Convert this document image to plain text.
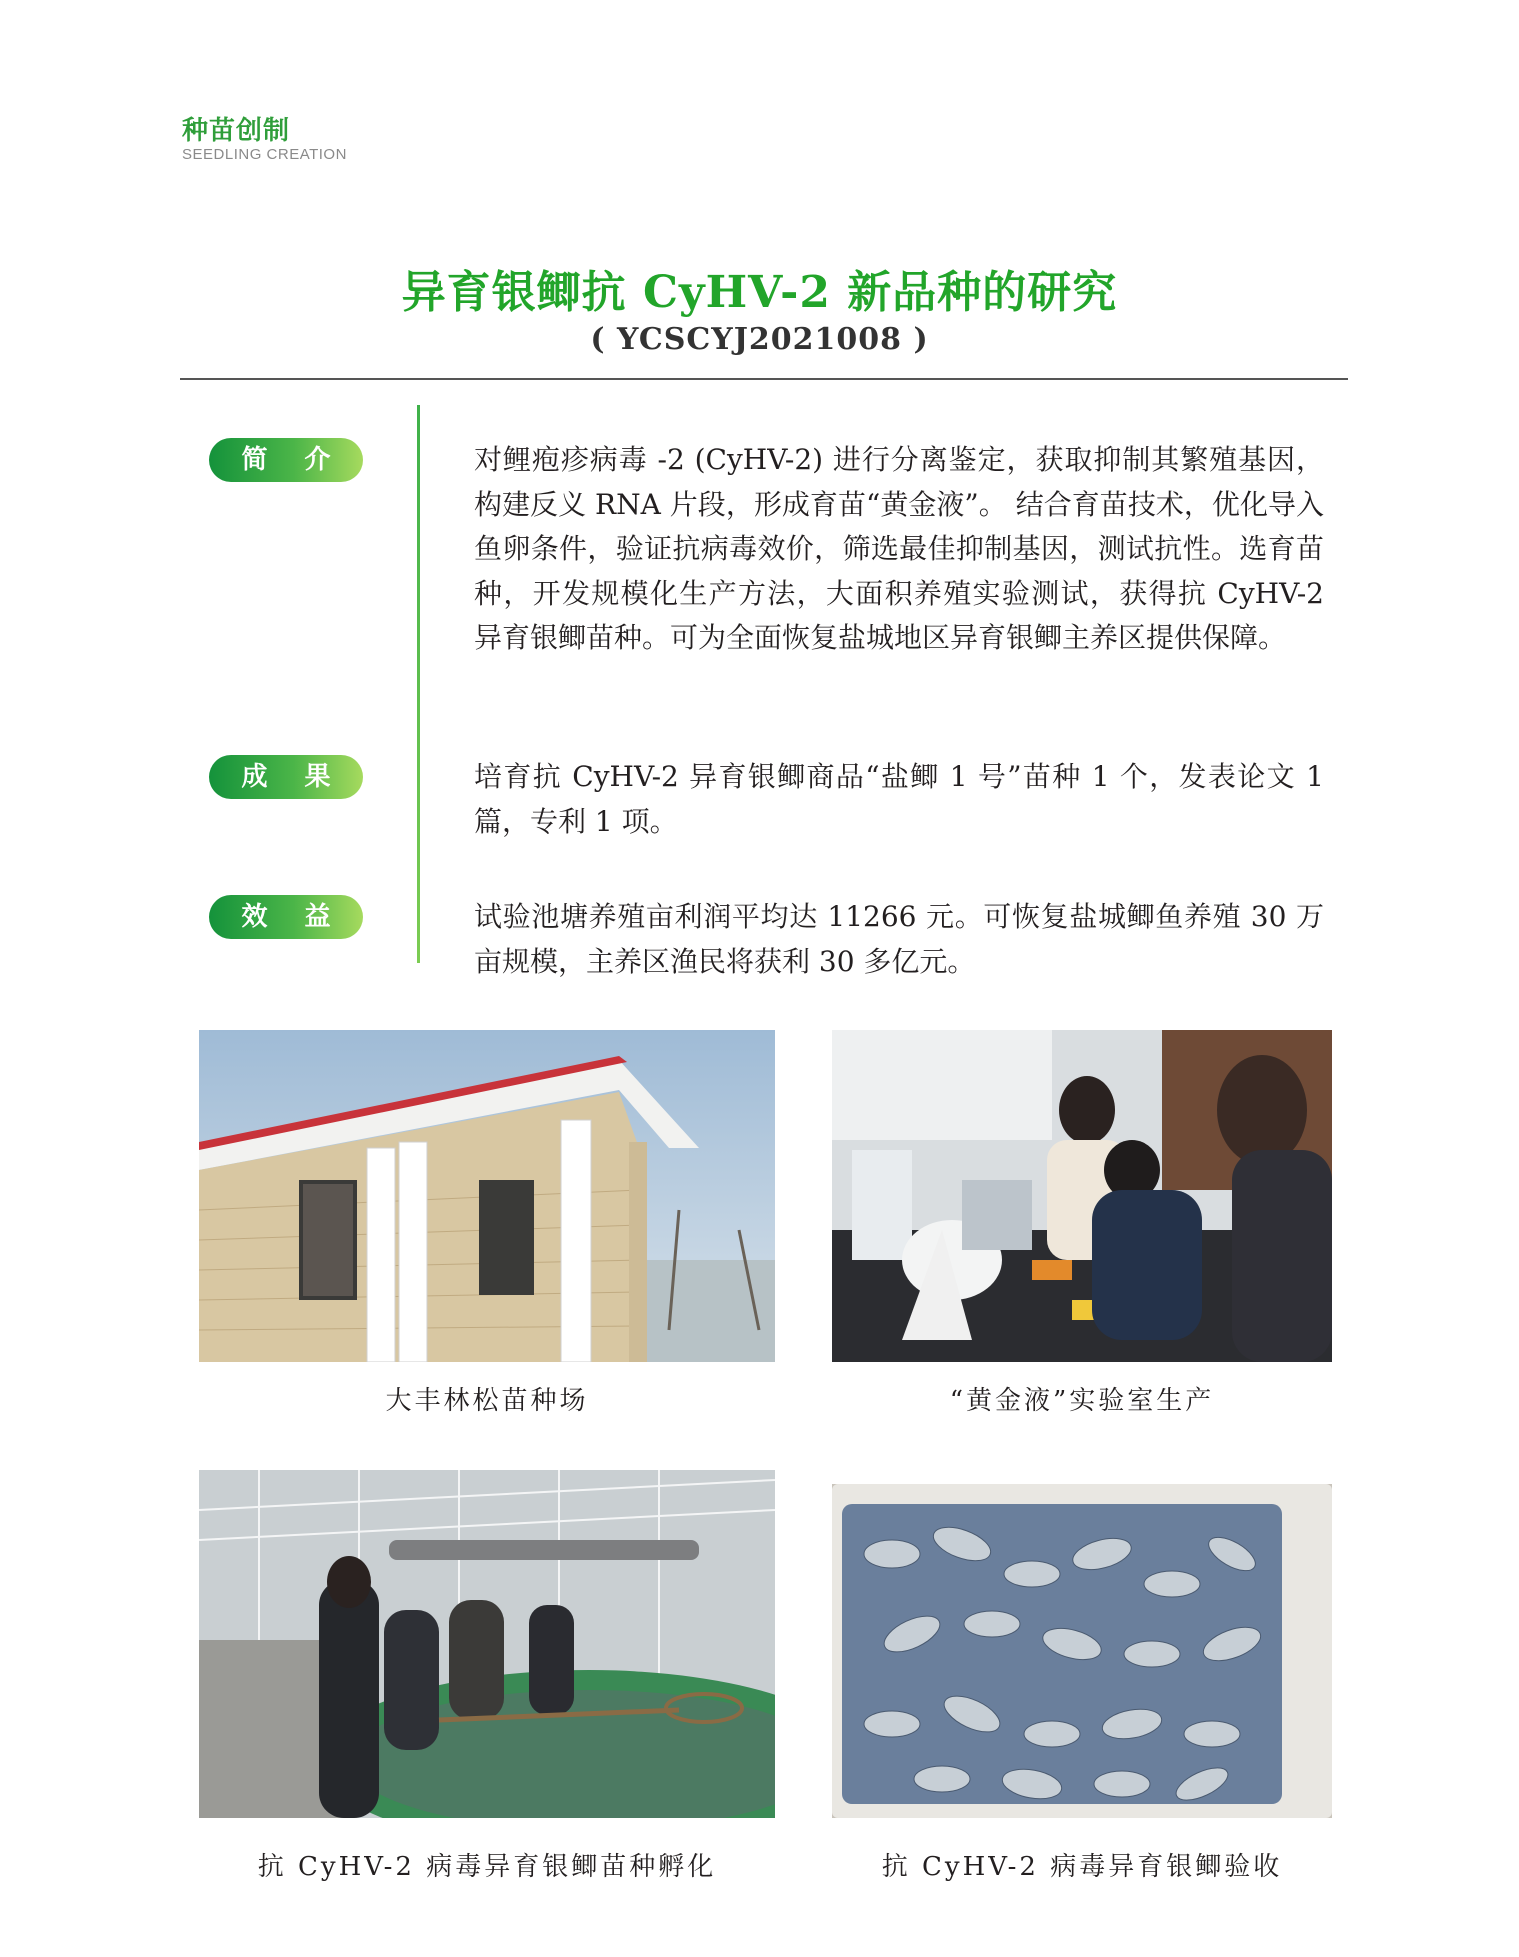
种苗创制
SEEDLING CREATION
异育银鲫抗 CyHV-2 新品种的研究
( YCSCYJ2021008 )
简 介	对鲤疱疹病毒 -2 (CyHV-2) 进行分离鉴定，获取抑制其繁殖基因，构建反义 RNA 片段，形成育苗“黄金液”。 结合育苗技术，优化导入鱼卵条件，验证抗病毒效价，筛选最佳抑制基因，测试抗性。选育苗种，开发规模化生产方法，大面积养殖实验测试，获得抗 CyHV-2 异育银鲫苗种。可为全面恢复盐城地区异育银鲫主养区提供保障。

成 果	培育抗 CyHV-2 异育银鲫商品“盐鲫 1 号”苗种 1 个，发表论文 1 篇，专利 1 项。

效 益	试验池塘养殖亩利润平均达 11266 元。可恢复盐城鲫鱼养殖 30 万亩规模，主养区渔民将获利 30 多亿元。

大丰林松苗种场	“黄金液”实验室生产
抗 CyHV-2 病毒异育银鲫苗种孵化	抗 CyHV-2 病毒异育银鲫验收
